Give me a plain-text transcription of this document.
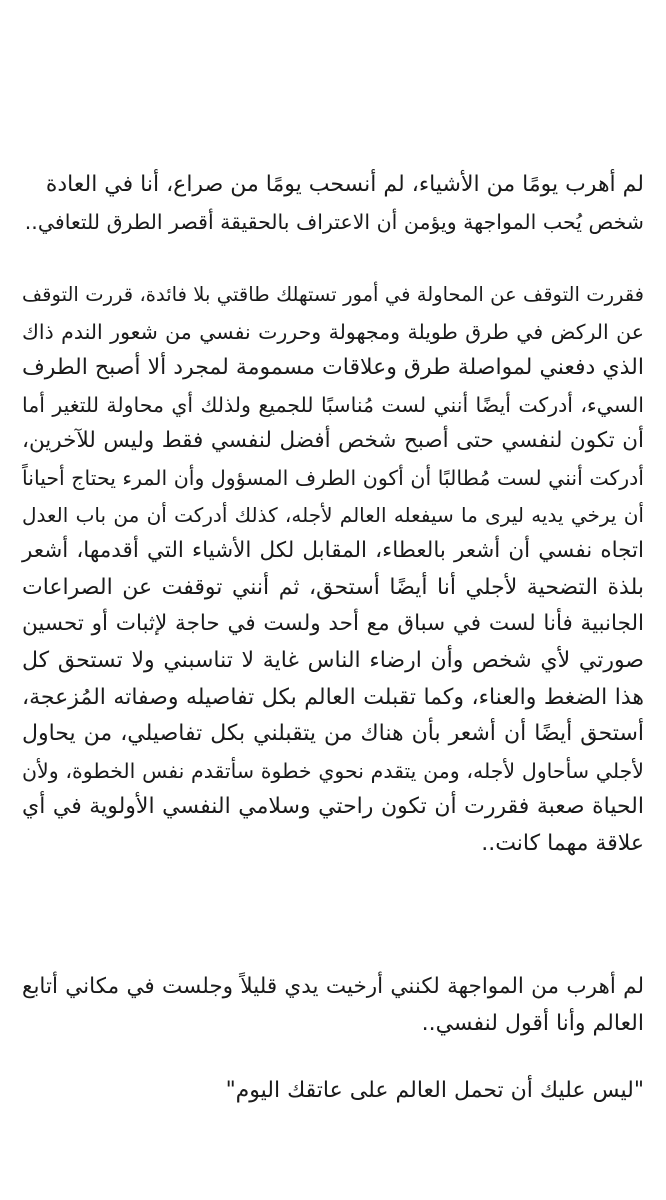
لم أهرب يومًا من الأشياء، لم أنسحب يومًا من صراع، أنا في العادة
شخص يُحب المواجهة ويؤمن أن الاعتراف بالحقيقة أقصر الطرق للتعافي..
فقررت التوقف عن المحاولة في أمور تستهلك طاقتي بلا فائدة، قررت التوقف
عن الركض في طرق طويلة ومجهولة وحررت نفسي من شعور الندم ذاك
الذي دفعني لمواصلة طرق وعلاقات مسمومة لمجرد ألا أصبح الطرف
السيء، أدركت أيضًا أنني لست مُناسبًا للجميع ولذلك أي محاولة للتغير أما
أن تكون لنفسي حتى أصبح شخص أفضل لنفسي فقط وليس للآخرين،
أدركت أنني لست مُطالبًا أن أكون الطرف المسؤول وأن المرء يحتاج أحياناً
أن يرخي يديه ليرى ما سيفعله العالم لأجله، كذلك أدركت أن من باب العدل
اتجاه نفسي أن أشعر بالعطاء، المقابل لكل الأشياء التي أقدمها، أشعر
بلذة التضحية لأجلي أنا أيضًا أستحق، ثم أنني توقفت عن الصراعات
الجانبية فأنا لست في سباق مع أحد ولست في حاجة لإثبات أو تحسين
صورتي لأي شخص وأن ارضاء الناس غاية لا تناسبني ولا تستحق كل
هذا الضغط والعناء، وكما تقبلت العالم بكل تفاصيله وصفاته المُزعجة،
أستحق أيضًا أن أشعر بأن هناك من يتقبلني بكل تفاصيلي، من يحاول
لأجلي سأحاول لأجله، ومن يتقدم نحوي خطوة سأتقدم نفس الخطوة، ولأن
الحياة صعبة فقررت أن تكون راحتي وسلامي النفسي الأولوية في أي
علاقة مهما كانت..
لم أهرب من المواجهة لكنني أرخيت يدي قليلاً وجلست في مكاني أتابع
العالم وأنا أقول لنفسي..
"ليس عليك أن تحمل العالم على عاتقك اليوم"
